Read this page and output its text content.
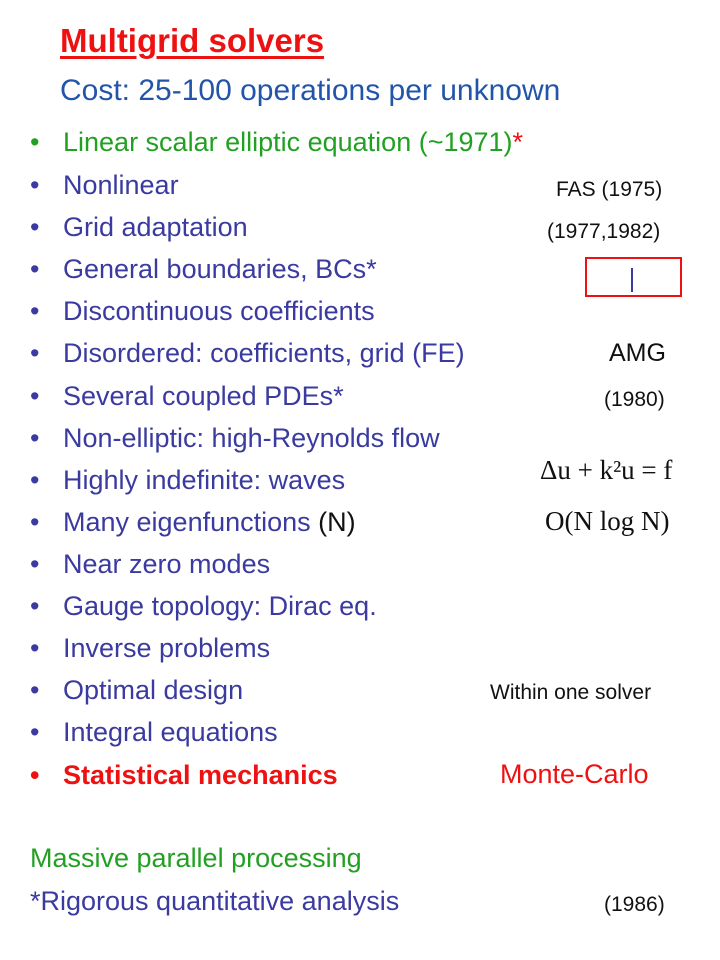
Multigrid solvers
Cost: 25-100 operations per unknown
• Linear scalar elliptic equation (~1971)*
• Nonlinear
• Grid adaptation
• General boundaries, BCs*
• Discontinuous coefficients
• Disordered: coefficients, grid (FE)
• Several coupled PDEs*
• Non-elliptic: high-Reynolds flow
• Highly indefinite: waves
• Many eigenfunctions (N)
• Near zero modes
• Gauge topology: Dirac eq.
• Inverse problems
• Optimal design
• Integral equations
• Statistical mechanics
FAS (1975)
(1977,1982)
AMG
(1980)
Δu + k²u = f
O(N log N)
Within one solver
Monte-Carlo
Massive parallel processing
*Rigorous quantitative analysis	(1986)
